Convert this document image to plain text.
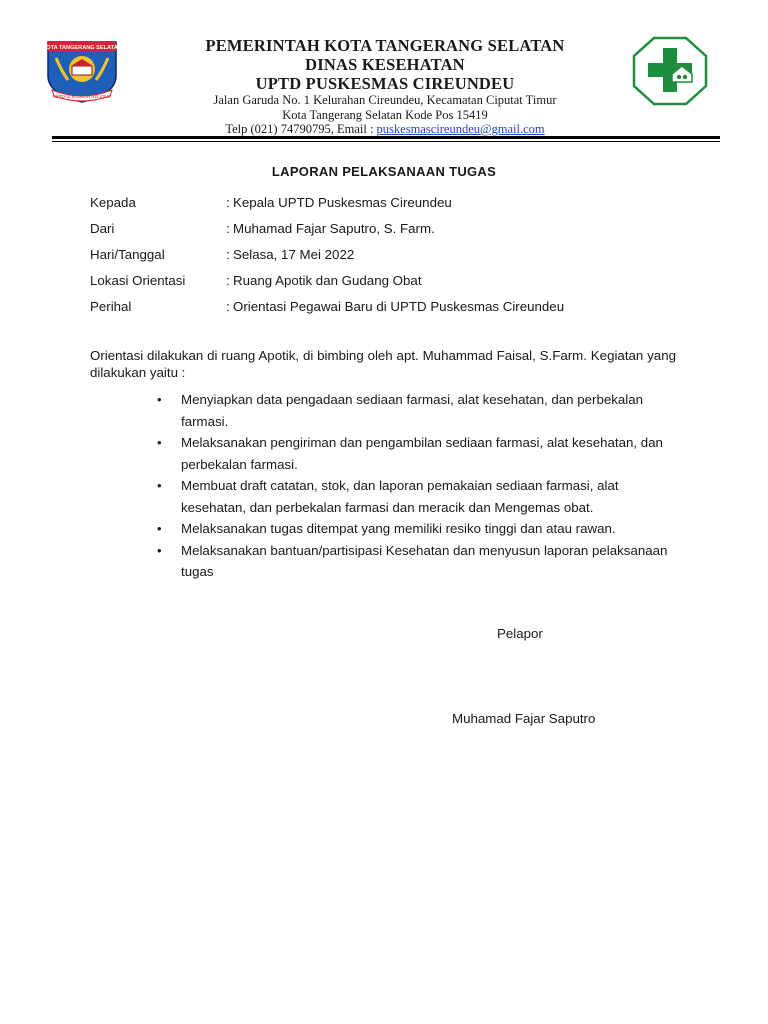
KOTA TANGERANG SELATAN
CERDAS MODERN RELIGIUS
PEMERINTAH KOTA TANGERANG SELATAN
DINAS KESEHATAN
UPTD PUSKESMAS CIREUNDEU
Jalan Garuda No. 1 Kelurahan Cireundeu, Kecamatan Ciputat Timur
Kota Tangerang Selatan Kode Pos 15419
Telp (021) 74790795, Email : puskesmascireundeu@gmail.com
LAPORAN PELAKSANAAN TUGAS
Kepada	: Kepala UPTD Puskesmas Cireundeu
Dari	: Muhamad Fajar Saputro, S. Farm.
Hari/Tanggal	: Selasa, 17 Mei 2022
Lokasi Orientasi	: Ruang Apotik dan Gudang Obat
Perihal	: Orientasi Pegawai Baru di UPTD Puskesmas Cireundeu
Orientasi dilakukan di ruang Apotik, di bimbing oleh apt. Muhammad Faisal, S.Farm. Kegiatan yang dilakukan yaitu :
• Menyiapkan data pengadaan sediaan farmasi, alat kesehatan, dan perbekalan farmasi.
• Melaksanakan pengiriman dan pengambilan sediaan farmasi, alat kesehatan, dan perbekalan farmasi.
• Membuat draft catatan, stok, dan laporan pemakaian sediaan farmasi, alat kesehatan, dan perbekalan farmasi dan meracik dan Mengemas obat.
• Melaksanakan tugas ditempat yang memiliki resiko tinggi dan atau rawan.
• Melaksanakan bantuan/partisipasi Kesehatan dan menyusun laporan pelaksanaan tugas
Pelapor
Muhamad Fajar Saputro
